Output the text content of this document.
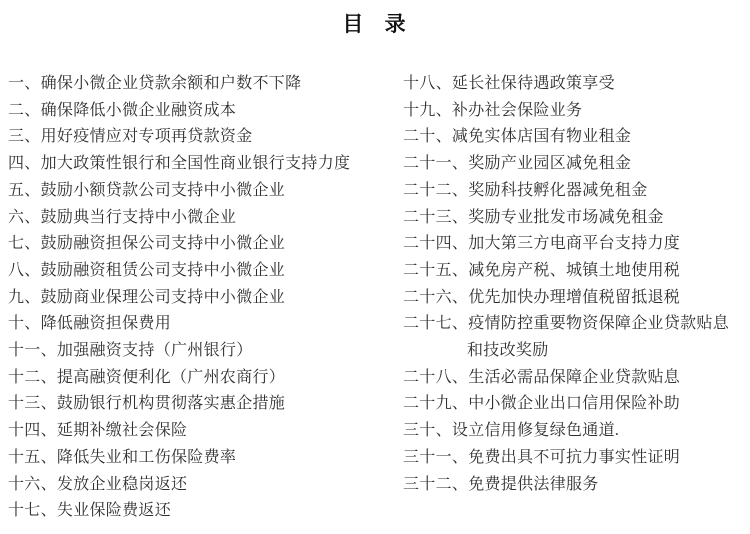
目 录

一、确保小微企业贷款余额和户数不下降

二、确保降低小微企业融资成本

三、用好疫情应对专项再贷款资金

四、加大政策性银行和全国性商业银行支持力度

五、鼓励小额贷款公司支持中小微企业

六、鼓励典当行支持中小微企业

七、鼓励融资担保公司支持中小微企业

八、鼓励融资租赁公司支持中小微企业

九、鼓励商业保理公司支持中小微企业

十、降低融资担保费用

十一、加强融资支持（广州银行）

十二、提高融资便利化（广州农商行）

十三、鼓励银行机构贯彻落实惠企措施

十四、延期补缴社会保险

十五、降低失业和工伤保险费率

十六、发放企业稳岗返还

十七、失业保险费返还

十八、延长社保待遇政策享受

十九、补办社会保险业务

二十、减免实体店国有物业租金

二十一、奖励产业园区减免租金

二十二、奖励科技孵化器减免租金

二十三、奖励专业批发市场减免租金

二十四、加大第三方电商平台支持力度

二十五、减免房产税、城镇土地使用税

二十六、优先加快办理增值税留抵退税

二十七、疫情防控重要物资保障企业贷款贴息

和技改奖励

二十八、生活必需品保障企业贷款贴息

二十九、中小微企业出口信用保险补助

三十、设立信用修复绿色通道.

三十一、免费出具不可抗力事实性证明

三十二、免费提供法律服务
